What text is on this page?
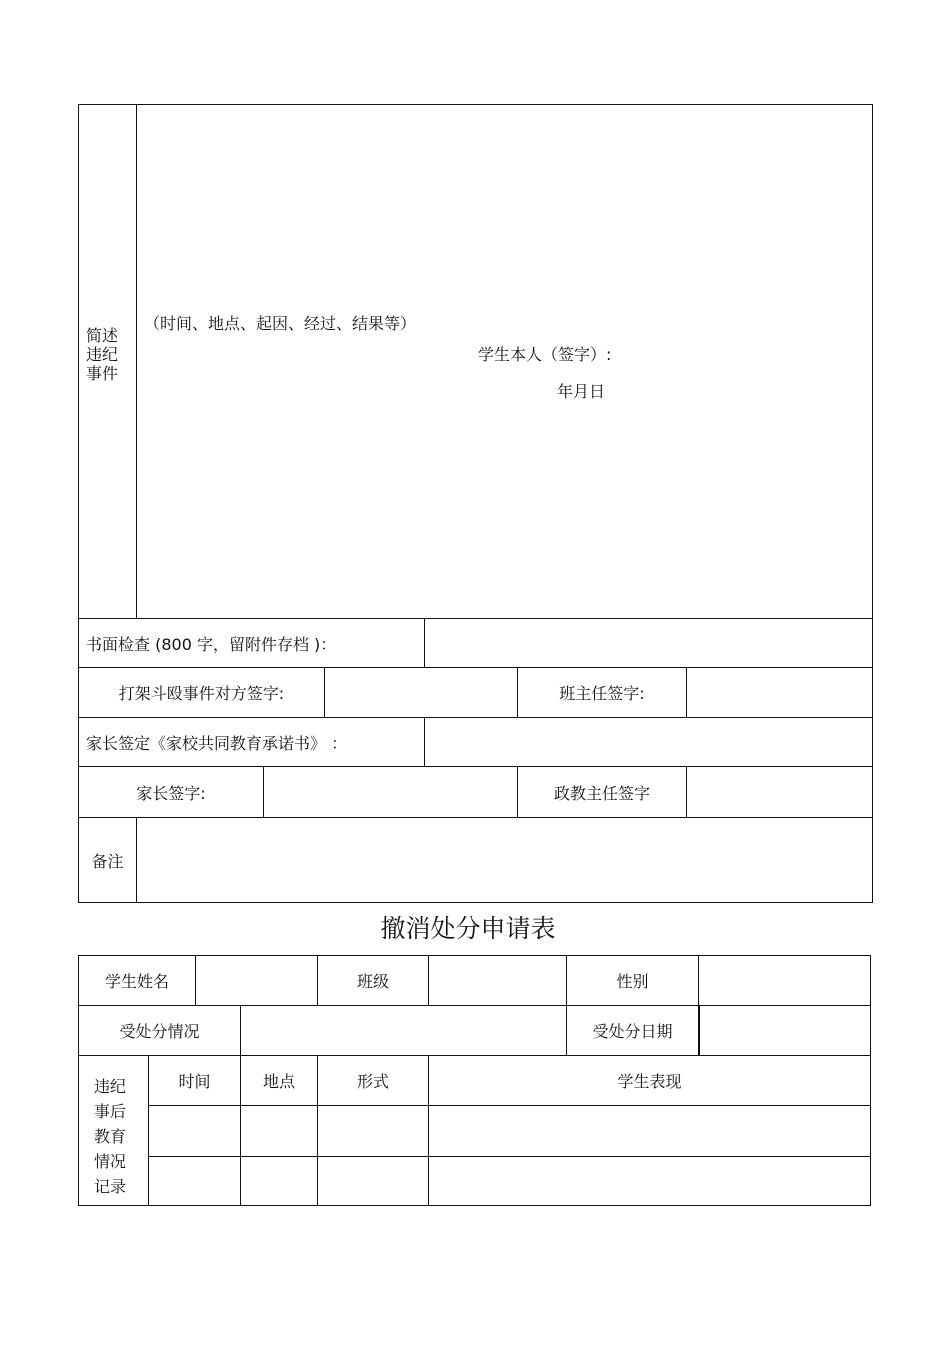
简述
违纪
事件
（时间、地点、起因、经过、结果等）
学生本人（签字）:
年月日
书面检查 (800 字，留附件存档 )：
打架斗殴事件对方签字:	班主任签字:
家长签定《家校共同教育承诺书》 ：
家长签字:	政教主任签字
备注
撤消处分申请表
学生姓名	班级	性别
受处分情况	受处分日期
违纪
事后
教育
情况
记录
时间	地点	形式	学生表现
